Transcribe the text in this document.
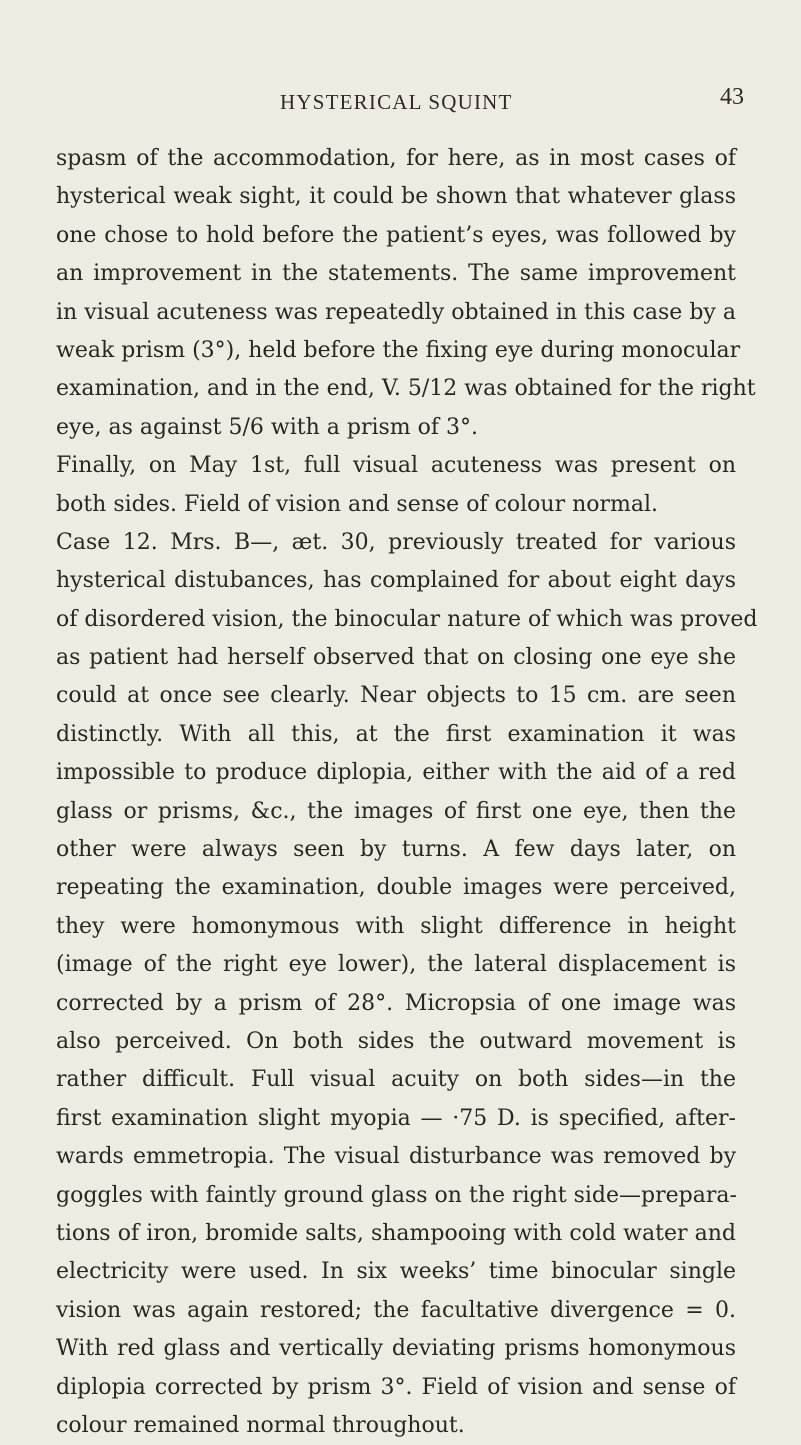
HYSTERICAL SQUINT	43
spasm of the accommodation, for here, as in most cases of
hysterical weak sight, it could be shown that whatever glass
one chose to hold before the patient’s eyes, was followed by
an improvement in the statements. The same improvement
in visual acuteness was repeatedly obtained in this case by a
weak prism (3°), held before the fixing eye during monocular
examination, and in the end, V. 5/12 was obtained for the right
eye, as against 5/6 with a prism of 3°.
Finally, on May 1st, full visual acuteness was present on
both sides. Field of vision and sense of colour normal.
Case 12. Mrs. B—, æt. 30, previously treated for various
hysterical distubances, has complained for about eight days
of disordered vision, the binocular nature of which was proved
as patient had herself observed that on closing one eye she
could at once see clearly. Near objects to 15 cm. are seen
distinctly. With all this, at the first examination it was
impossible to produce diplopia, either with the aid of a red
glass or prisms, &c., the images of first one eye, then the
other were always seen by turns. A few days later, on
repeating the examination, double images were perceived,
they were homonymous with slight difference in height
(image of the right eye lower), the lateral displacement is
corrected by a prism of 28°. Micropsia of one image was
also perceived. On both sides the outward movement is
rather difficult. Full visual acuity on both sides—in the
first examination slight myopia — ·75 D. is specified, after-
wards emmetropia. The visual disturbance was removed by
goggles with faintly ground glass on the right side—prepara-
tions of iron, bromide salts, shampooing with cold water and
electricity were used. In six weeks’ time binocular single
vision was again restored; the facultative divergence = 0.
With red glass and vertically deviating prisms homonymous
diplopia corrected by prism 3°. Field of vision and sense of
colour remained normal throughout.
